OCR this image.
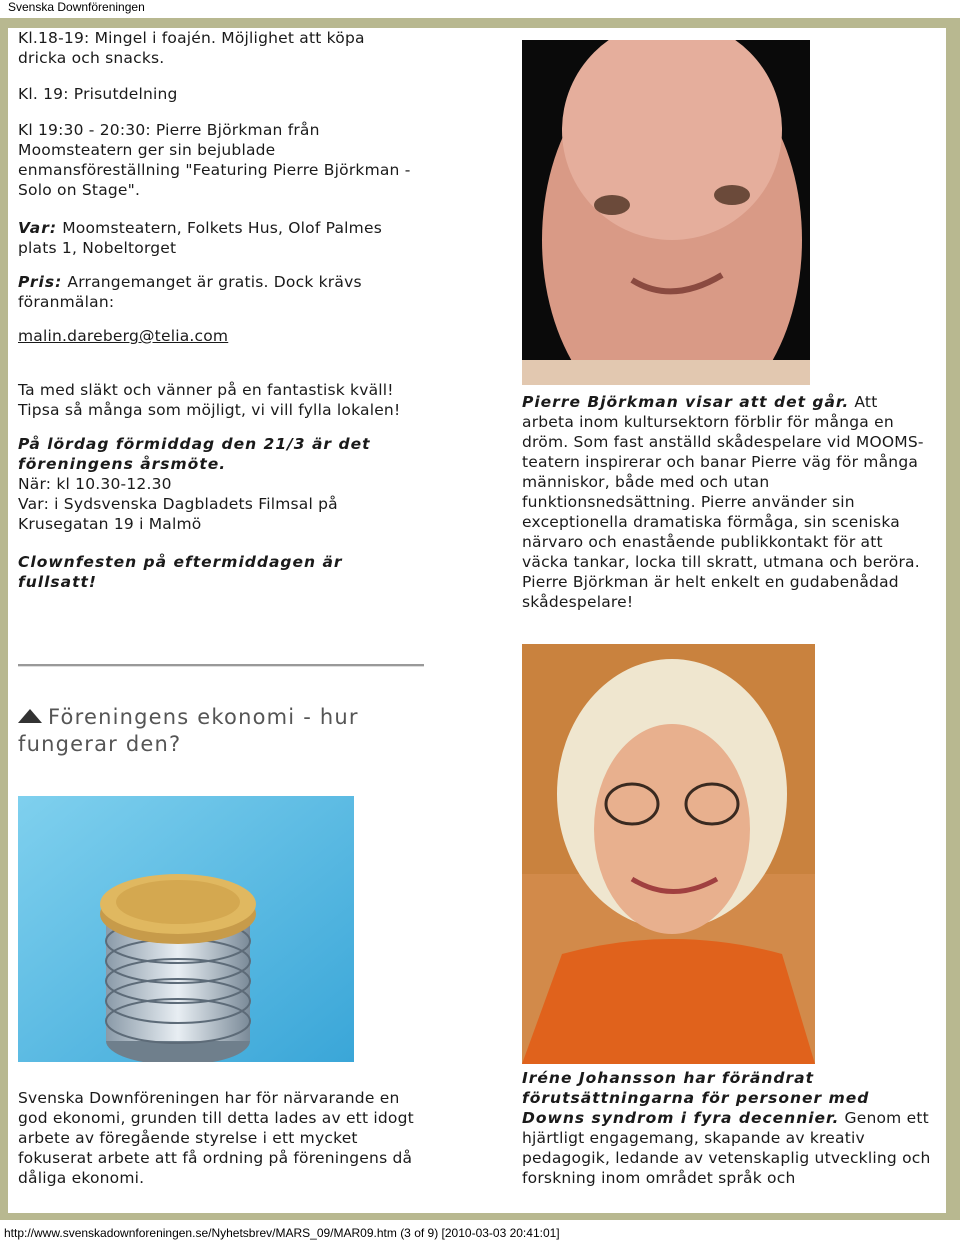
Svenska Downföreningen

Kl.18-19: Mingel i foajén. Möjlighet att köpa dricka och snacks.

Kl. 19: Prisutdelning

Kl 19:30 - 20:30: Pierre Björkman från Moomsteatern ger sin bejublade enmansföreställning "Featuring Pierre Björkman - Solo on Stage".

Var: Moomsteatern, Folkets Hus, Olof Palmes plats 1, Nobeltorget

Pris: Arrangemanget är gratis. Dock krävs föranmälan:

malin.dareberg@telia.com

Ta med släkt och vänner på en fantastisk kväll! Tipsa så många som möjligt, vi vill fylla lokalen!

På lördag förmiddag den 21/3 är det föreningens årsmöte.
När: kl 10.30-12.30
Var: i Sydsvenska Dagbladets Filmsal på Krusegatan 19 i Malmö

Clownfesten på eftermiddagen är fullsatt!

Föreningens ekonomi - hur fungerar den?
Svenska Downföreningen har för närvarande en god ekonomi, grunden till detta lades av ett idogt arbete av föregående styrelse i ett mycket fokuserat arbete att få ordning på föreningens då dåliga ekonomi.
Pierre Björkman visar att det går. Att arbeta inom kultursektorn förblir för många en dröm. Som fast anställd skådespelare vid MOOMS-teatern inspirerar och banar Pierre väg för många människor, både med och utan funktionsnedsättning. Pierre använder sin exceptionella dramatiska förmåga, sin sceniska närvaro och enastående publikkontakt för att väcka tankar, locka till skratt, utmana och beröra. Pierre Björkman är helt enkelt en gudabenådad skådespelare!
Iréne Johansson har förändrat förutsättningarna för personer med Downs syndrom i fyra decennier. Genom ett hjärtligt engagemang, skapande av kreativ pedagogik, ledande av vetenskaplig utveckling och forskning inom området språk och
http://www.svenskadownforeningen.se/Nyhetsbrev/MARS_09/MAR09.htm (3 of 9) [2010-03-03 20:41:01]
